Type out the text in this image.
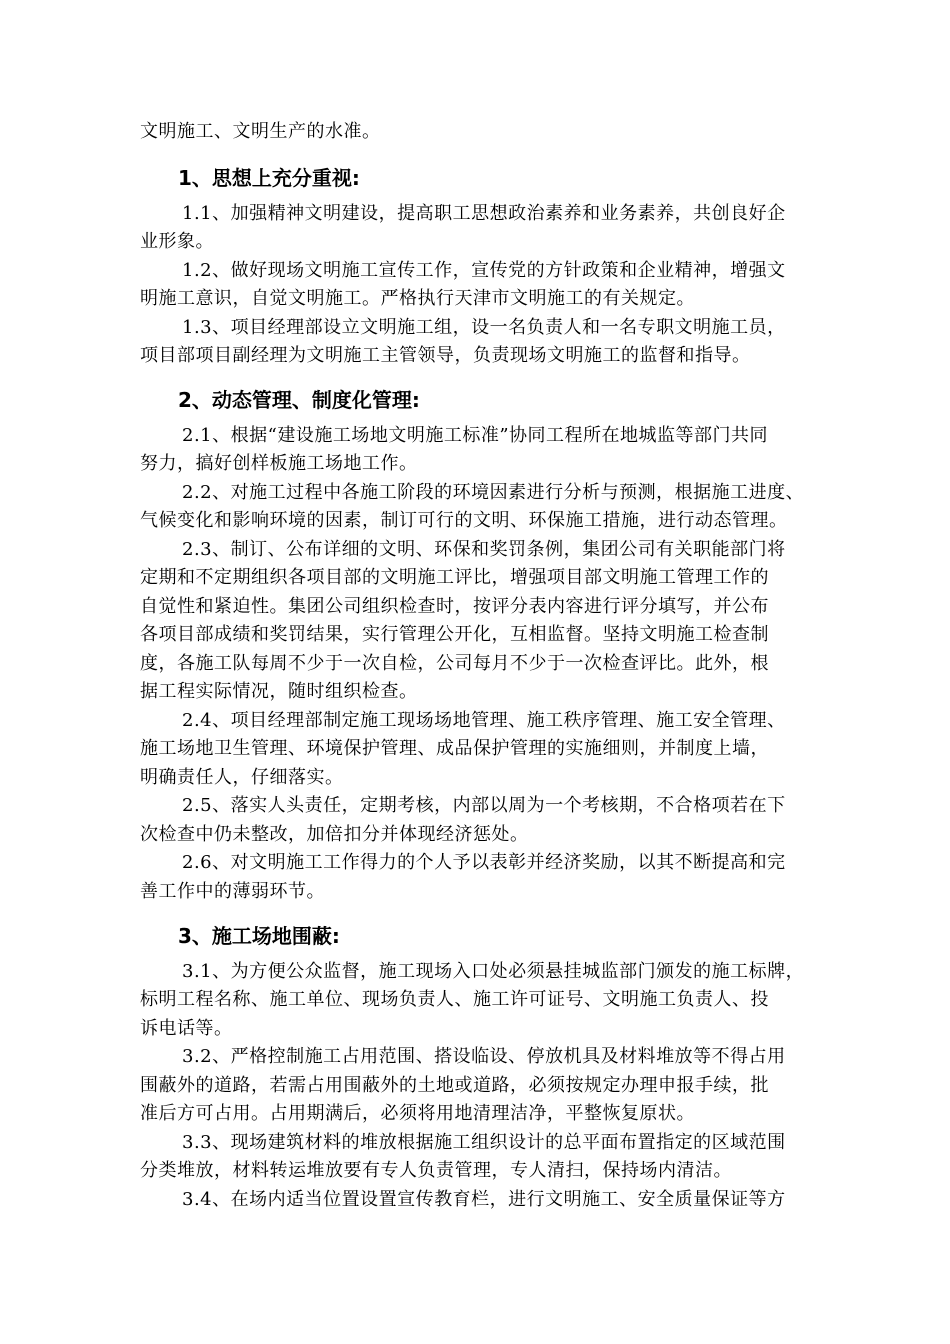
文明施工、文明生产的水准。
1、思想上充分重视:
1.1、加强精神文明建设，提高职工思想政治素养和业务素养，共创良好企
业形象。
1.2、做好现场文明施工宣传工作，宣传党的方针政策和企业精神，增强文
明施工意识，自觉文明施工。严格执行天津市文明施工的有关规定。
1.3、项目经理部设立文明施工组，设一名负责人和一名专职文明施工员，
项目部项目副经理为文明施工主管领导，负责现场文明施工的监督和指导。
2、动态管理、制度化管理:
2.1、根据“建设施工场地文明施工标准”协同工程所在地城监等部门共同
努力，搞好创样板施工场地工作。
2.2、对施工过程中各施工阶段的环境因素进行分析与预测，根据施工进度、
气候变化和影响环境的因素，制订可行的文明、环保施工措施，进行动态管理。
2.3、制订、公布详细的文明、环保和奖罚条例，集团公司有关职能部门将
定期和不定期组织各项目部的文明施工评比，增强项目部文明施工管理工作的
自觉性和紧迫性。集团公司组织检查时，按评分表内容进行评分填写，并公布
各项目部成绩和奖罚结果，实行管理公开化，互相监督。坚持文明施工检查制
度，各施工队每周不少于一次自检，公司每月不少于一次检查评比。此外，根
据工程实际情况，随时组织检查。
2.4、项目经理部制定施工现场场地管理、施工秩序管理、施工安全管理、
施工场地卫生管理、环境保护管理、成品保护管理的实施细则，并制度上墙，
明确责任人，仔细落实。
2.5、落实人头责任，定期考核，内部以周为一个考核期，不合格项若在下
次检查中仍未整改，加倍扣分并体现经济惩处。
2.6、对文明施工工作得力的个人予以表彰并经济奖励，以其不断提高和完
善工作中的薄弱环节。
3、施工场地围蔽:
3.1、为方便公众监督，施工现场入口处必须悬挂城监部门颁发的施工标牌，
标明工程名称、施工单位、现场负责人、施工许可证号、文明施工负责人、投
诉电话等。
3.2、严格控制施工占用范围、搭设临设、停放机具及材料堆放等不得占用
围蔽外的道路，若需占用围蔽外的土地或道路，必须按规定办理申报手续，批
准后方可占用。占用期满后，必须将用地清理洁净，平整恢复原状。
3.3、现场建筑材料的堆放根据施工组织设计的总平面布置指定的区域范围
分类堆放，材料转运堆放要有专人负责管理，专人清扫，保持场内清洁。
3.4、在场内适当位置设置宣传教育栏，进行文明施工、安全质量保证等方
